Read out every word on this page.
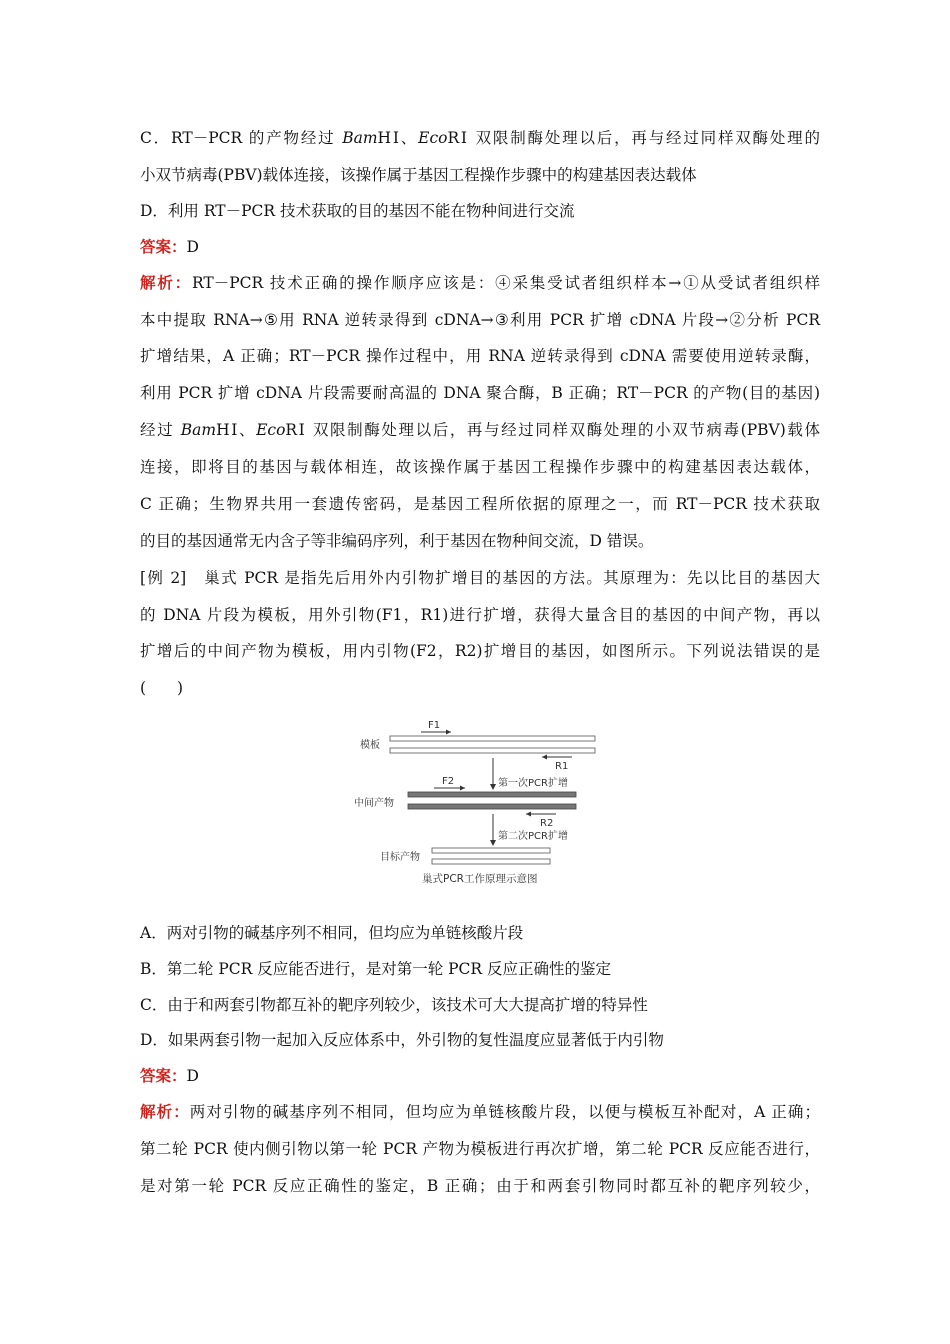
C．RT－PCR 的产物经过 BamHⅠ、EcoRⅠ 双限制酶处理以后，再与经过同样双酶处理的
小双节病毒(PBV)载体连接，该操作属于基因工程操作步骤中的构建基因表达载体
D．利用 RT－PCR 技术获取的目的基因不能在物种间进行交流
答案：D
解析：RT－PCR 技术正确的操作顺序应该是：④采集受试者组织样本→①从受试者组织样
本中提取 RNA→⑤用 RNA 逆转录得到 cDNA→③利用 PCR 扩增 cDNA 片段→②分析 PCR
扩增结果，A 正确；RT－PCR 操作过程中，用 RNA 逆转录得到 cDNA 需要使用逆转录酶，
利用 PCR 扩增 cDNA 片段需要耐高温的 DNA 聚合酶，B 正确；RT－PCR 的产物(目的基因)
经过 BamHⅠ、EcoRⅠ 双限制酶处理以后，再与经过同样双酶处理的小双节病毒(PBV)载体
连接，即将目的基因与载体相连，故该操作属于基因工程操作步骤中的构建基因表达载体，
C 正确；生物界共用一套遗传密码，是基因工程所依据的原理之一，而 RT－PCR 技术获取
的目的基因通常无内含子等非编码序列，利于基因在物种间交流，D 错误。
[例 2]　巢式 PCR 是指先后用外内引物扩增目的基因的方法。其原理为：先以比目的基因大
的 DNA 片段为模板，用外引物(F1，R1)进行扩增，获得大量含目的基因的中间产物，再以
扩增后的中间产物为模板，用内引物(F2，R2)扩增目的基因，如图所示。下列说法错误的是
(　　)
F1
模板
R1
第一次PCR扩增
F2
中间产物
R2
第二次PCR扩增
目标产物
巢式PCR工作原理示意图
A．两对引物的碱基序列不相同，但均应为单链核酸片段
B．第二轮 PCR 反应能否进行，是对第一轮 PCR 反应正确性的鉴定
C．由于和两套引物都互补的靶序列较少，该技术可大大提高扩增的特异性
D．如果两套引物一起加入反应体系中，外引物的复性温度应显著低于内引物
答案：D
解析：两对引物的碱基序列不相同，但均应为单链核酸片段，以便与模板互补配对，A 正确；
第二轮 PCR 使内侧引物以第一轮 PCR 产物为模板进行再次扩增，第二轮 PCR 反应能否进行，
是对第一轮 PCR 反应正确性的鉴定，B 正确；由于和两套引物同时都互补的靶序列较少，
